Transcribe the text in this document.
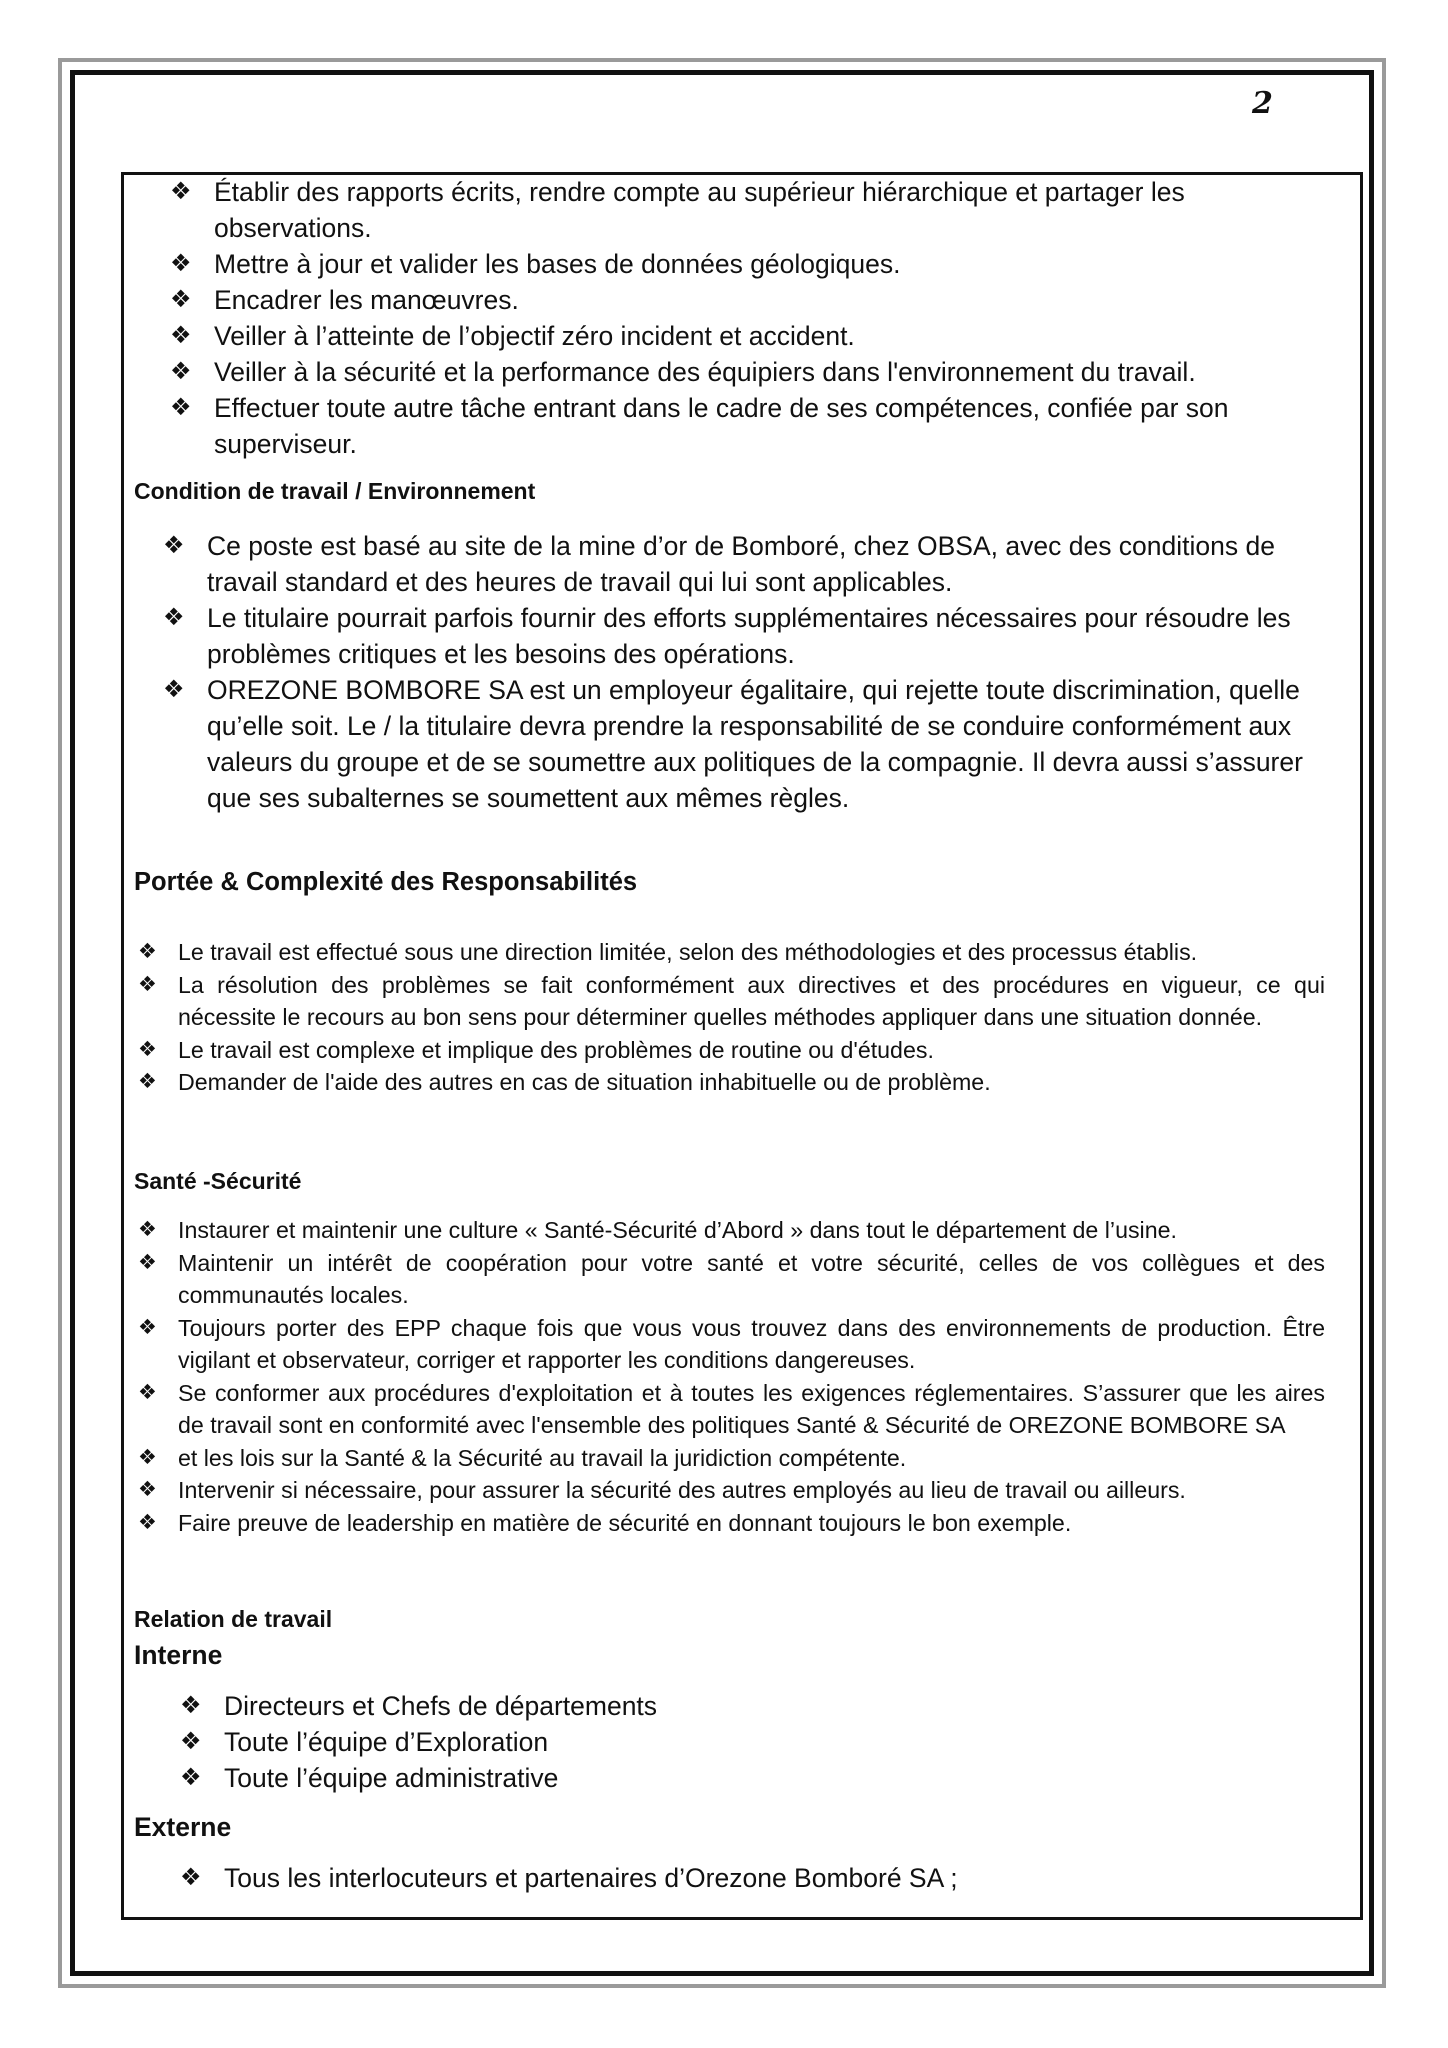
2
❖ Établir des rapports écrits, rendre compte au supérieur hiérarchique et partager les observations.
❖ Mettre à jour et valider les bases de données géologiques.
❖ Encadrer les manœuvres.
❖ Veiller à l’atteinte de l’objectif zéro incident et accident.
❖ Veiller à la sécurité et la performance des équipiers dans l'environnement du travail.
❖ Effectuer toute autre tâche entrant dans le cadre de ses compétences, confiée par son superviseur.
Condition de travail / Environnement
❖ Ce poste est basé au site de la mine d’or de Bomboré, chez OBSA, avec des conditions de travail standard et des heures de travail qui lui sont applicables.
❖ Le titulaire pourrait parfois fournir des efforts supplémentaires nécessaires pour résoudre les problèmes critiques et les besoins des opérations.
❖ OREZONE BOMBORE SA est un employeur égalitaire, qui rejette toute discrimination, quelle qu’elle soit. Le / la titulaire devra prendre la responsabilité de se conduire conformément aux valeurs du groupe et de se soumettre aux politiques de la compagnie. Il devra aussi s’assurer que ses subalternes se soumettent aux mêmes règles.
Portée & Complexité des Responsabilités
❖ Le travail est effectué sous une direction limitée, selon des méthodologies et des processus établis.
❖ La résolution des problèmes se fait conformément aux directives et des procédures en vigueur, ce qui nécessite le recours au bon sens pour déterminer quelles méthodes appliquer dans une situation donnée.
❖ Le travail est complexe et implique des problèmes de routine ou d'études.
❖ Demander de l'aide des autres en cas de situation inhabituelle ou de problème.
Santé -Sécurité
❖ Instaurer et maintenir une culture « Santé-Sécurité d’Abord » dans tout le département de l’usine.
❖ Maintenir un intérêt de coopération pour votre santé et votre sécurité, celles de vos collègues et des communautés locales.
❖ Toujours porter des EPP chaque fois que vous vous trouvez dans des environnements de production. Être vigilant et observateur, corriger et rapporter les conditions dangereuses.
❖ Se conformer aux procédures d'exploitation et à toutes les exigences réglementaires. S’assurer que les aires de travail sont en conformité avec l'ensemble des politiques Santé & Sécurité de OREZONE BOMBORE SA
❖ et les lois sur la Santé & la Sécurité au travail la juridiction compétente.
❖ Intervenir si nécessaire, pour assurer la sécurité des autres employés au lieu de travail ou ailleurs.
❖ Faire preuve de leadership en matière de sécurité en donnant toujours le bon exemple.
Relation de travail
Interne
❖ Directeurs et Chefs de départements
❖ Toute l’équipe d’Exploration
❖ Toute l’équipe administrative
Externe
❖ Tous les interlocuteurs et partenaires d’Orezone Bomboré SA ;
